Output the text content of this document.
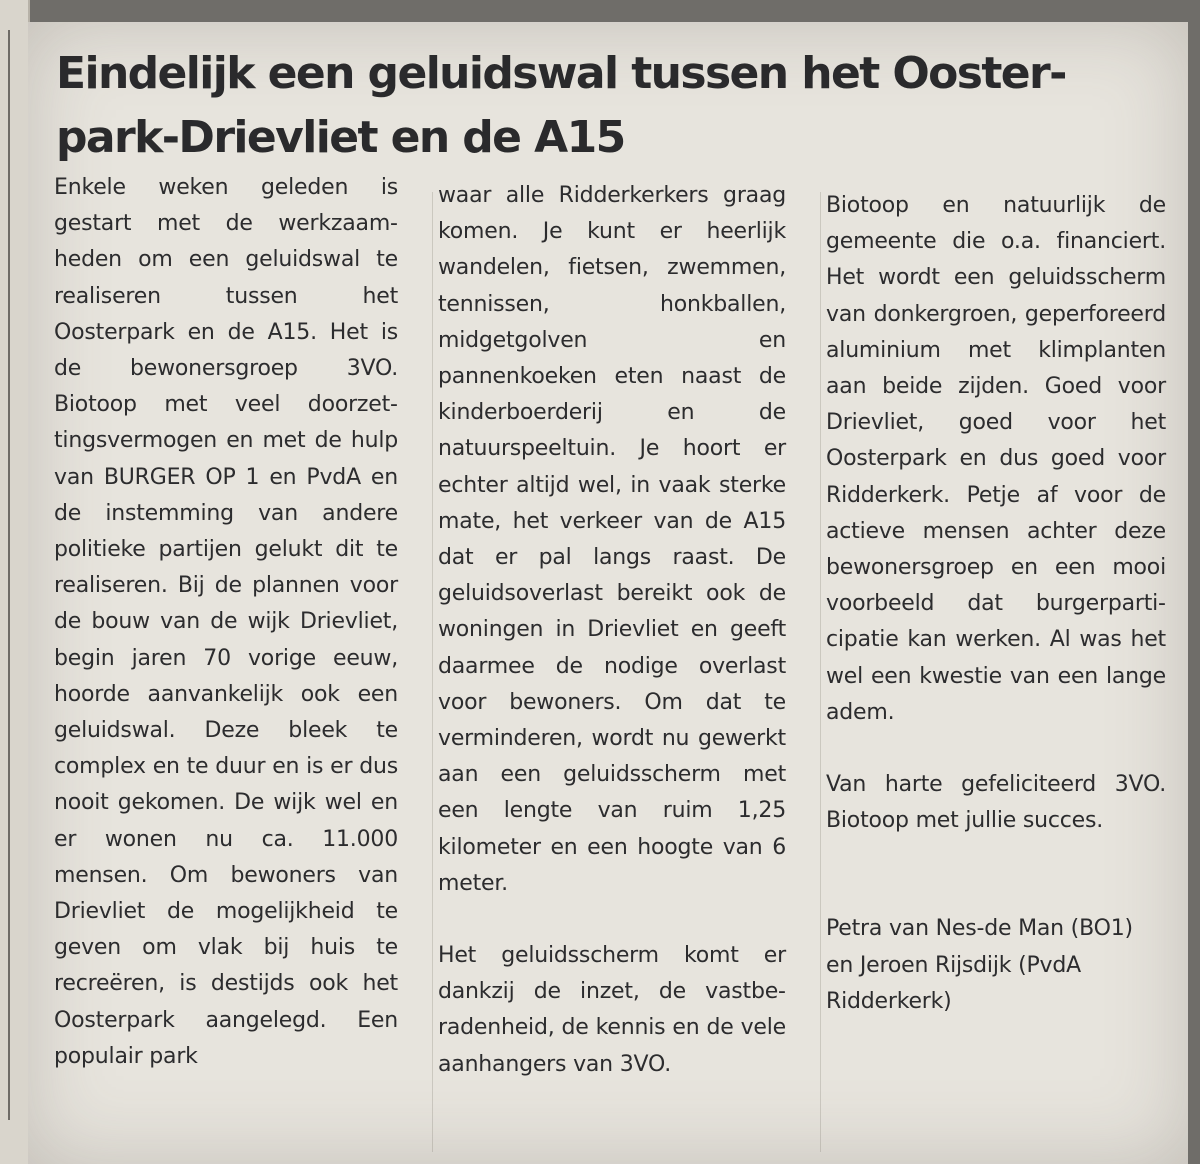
Eindelijk een geluidswal tussen het Oosterpark-Drievliet en de A15

Enkele weken geleden is gestart met de werkzaamheden om een geluidswal te realiseren tussen het Oosterpark en de A15. Het is de bewonersgroep 3VO. Biotoop met veel doorzettingsvermogen en met de hulp van BURGER OP 1 en PvdA en de instemming van andere politieke partijen gelukt dit te realiseren. Bij de plannen voor de bouw van de wijk Drievliet, begin jaren 70 vorige eeuw, hoorde aanvankelijk ook een geluidswal. Deze bleek te complex en te duur en is er dus nooit gekomen. De wijk wel en er wonen nu ca. 11.000 mensen. Om bewoners van Drievliet de mogelijkheid te geven om vlak bij huis te recreëren, is destijds ook het Oosterpark aangelegd. Een populair park

waar alle Ridderkerkers graag komen. Je kunt er heerlijk wandelen, fietsen, zwemmen, tennissen, honkballen, midgetgolven en pannenkoeken eten naast de kinderboerderij en de natuurspeeltuin. Je hoort er echter altijd wel, in vaak sterke mate, het verkeer van de A15 dat er pal langs raast. De geluidsoverlast bereikt ook de woningen in Drievliet en geeft daarmee de nodige overlast voor bewoners. Om dat te verminderen, wordt nu gewerkt aan een geluidsscherm met een lengte van ruim 1,25 kilometer en een hoogte van 6 meter.

Het geluidsscherm komt er dankzij de inzet, de vastberadenheid, de kennis en de vele aanhangers van 3VO.

Biotoop en natuurlijk de gemeente die o.a. financiert. Het wordt een geluidsscherm van donkergroen, geperforeerd aluminium met klimplanten aan beide zijden. Goed voor Drievliet, goed voor het Oosterpark en dus goed voor Ridderkerk. Petje af voor de actieve mensen achter deze bewonersgroep en een mooi voorbeeld dat burgerparticipatie kan werken. Al was het wel een kwestie van een lange adem.

Van harte gefeliciteerd 3VO. Biotoop met jullie succes.

Petra van Nes-de Man (BO1) en Jeroen Rijsdijk (PvdA Ridderkerk)
